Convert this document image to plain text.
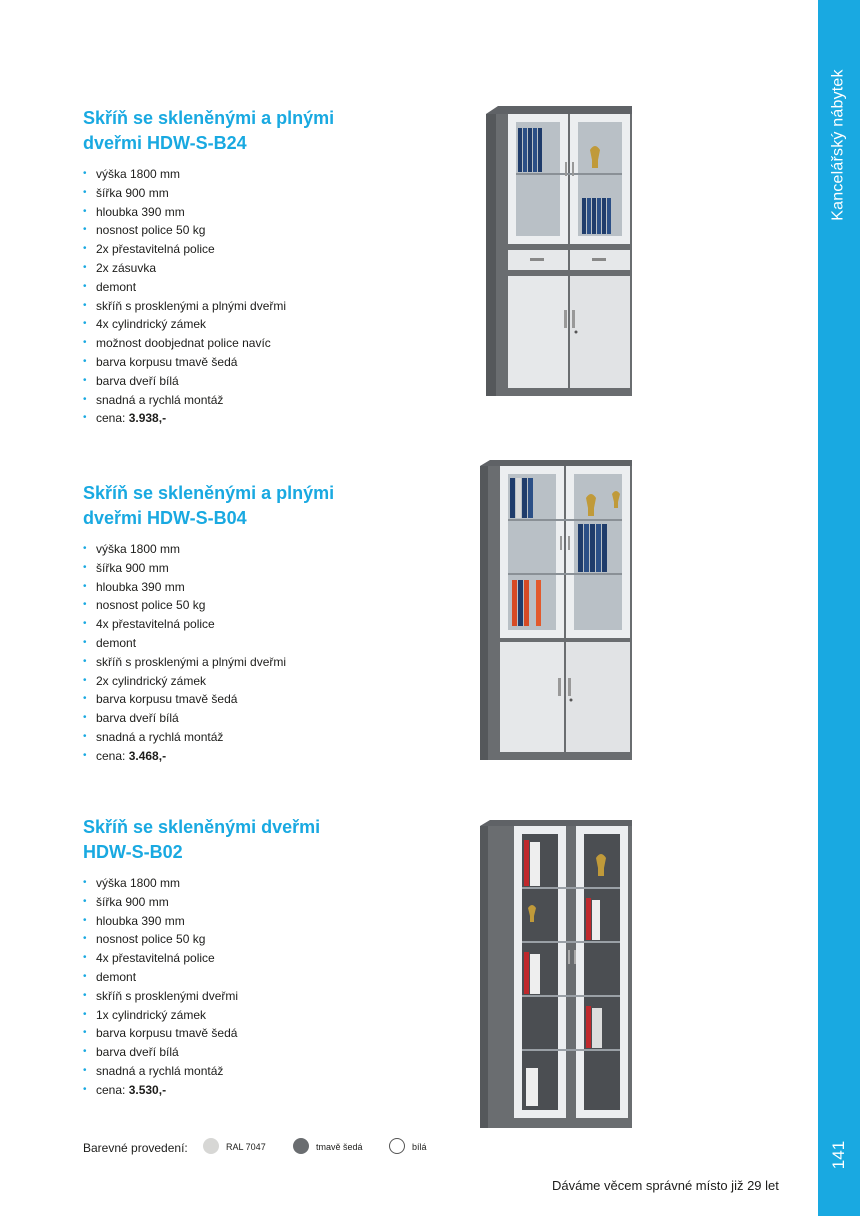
Kancelářský nábytek
141
Skříň se skleněnými a plnými
dveřmi HDW-S-B24
• výška 1800 mm
• šířka 900 mm
• hloubka 390 mm
• nosnost police 50 kg
• 2x přestavitelná police
• 2x zásuvka
• demont
• skříň s prosklenými a plnými dveřmi
• 4x cylindrický zámek
• možnost doobjednat police navíc
• barva korpusu tmavě šedá
• barva dveří bílá
• snadná a rychlá montáž
• cena: 3.938,-
Skříň se skleněnými a plnými
dveřmi HDW-S-B04
• výška 1800 mm
• šířka 900 mm
• hloubka 390 mm
• nosnost police 50 kg
• 4x přestavitelná police
• demont
• skříň s prosklenými a plnými dveřmi
• 2x cylindrický zámek
• barva korpusu tmavě šedá
• barva dveří bílá
• snadná a rychlá montáž
• cena: 3.468,-
Skříň se skleněnými dveřmi
HDW-S-B02
• výška 1800 mm
• šířka 900 mm
• hloubka 390 mm
• nosnost police 50 kg
• 4x přestavitelná police
• demont
• skříň s prosklenými dveřmi
• 1x cylindrický zámek
• barva korpusu tmavě šedá
• barva dveří bílá
• snadná a rychlá montáž
• cena: 3.530,-
Barevné provedení:	RAL 7047	tmavě šedá	bílá
Dáváme věcem správné místo již 29 let
